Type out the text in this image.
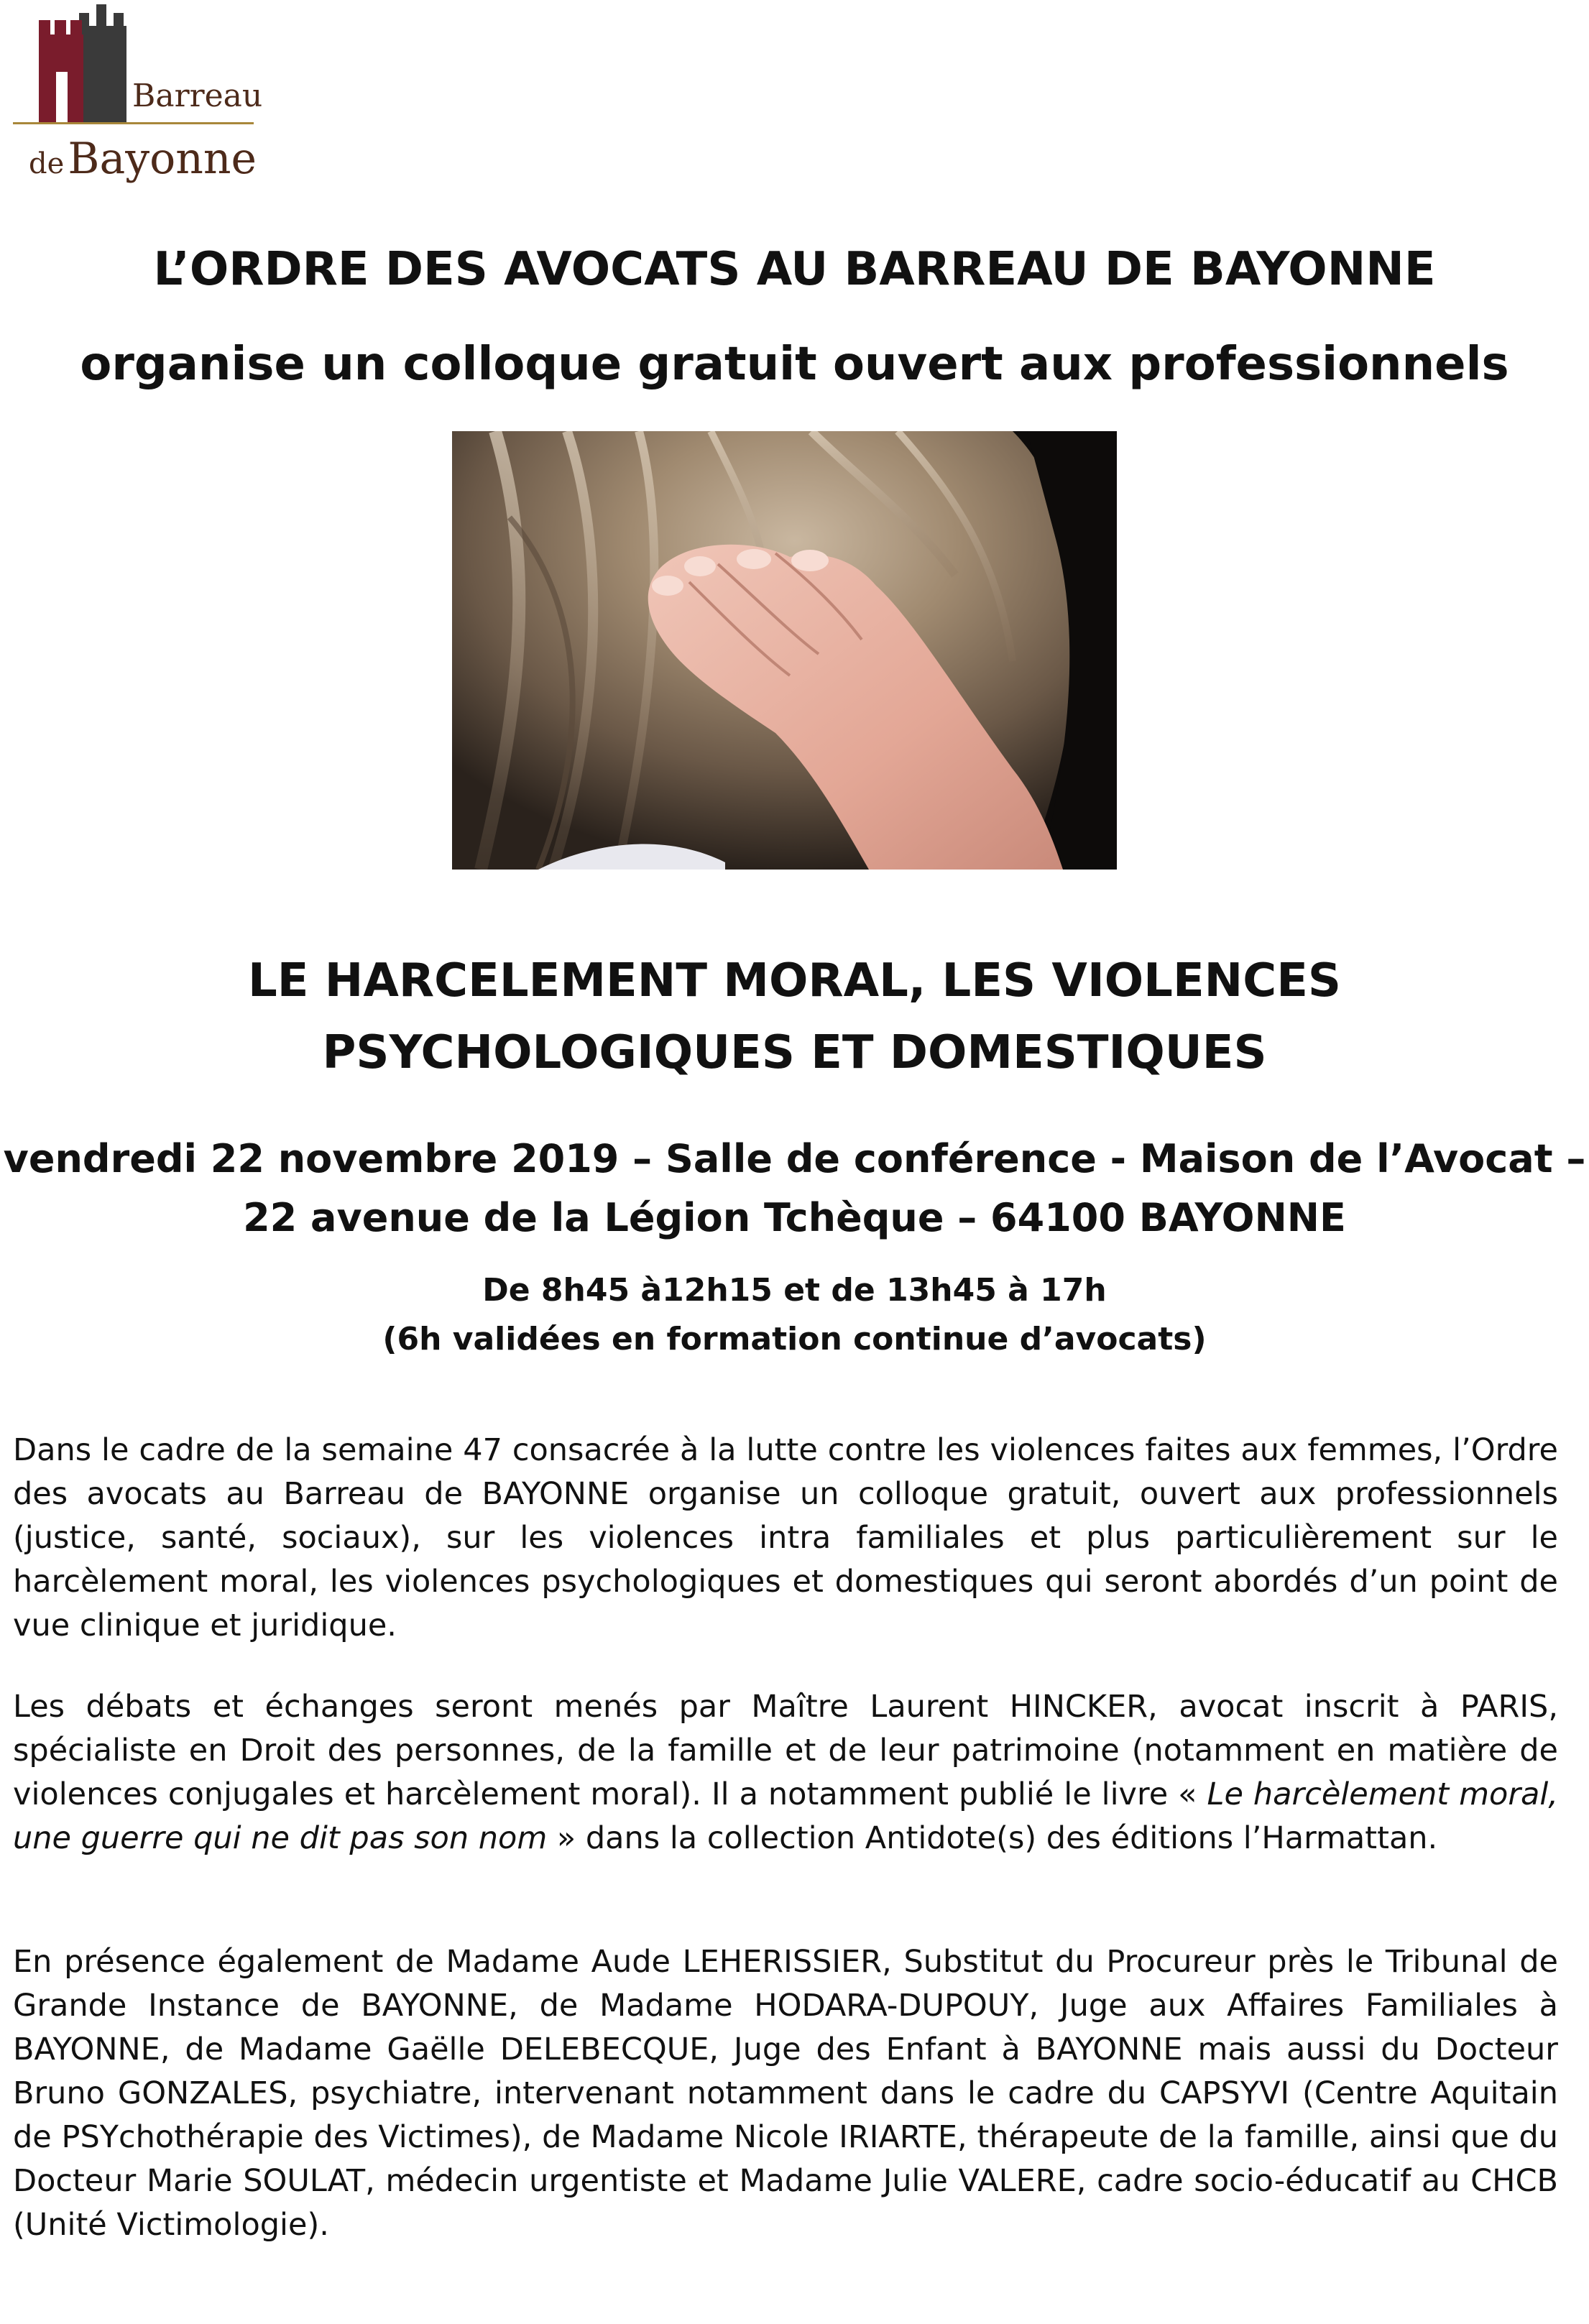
Barreau
de Bayonne
L’ORDRE DES AVOCATS AU BARREAU DE BAYONNE
organise un colloque gratuit ouvert aux professionnels
LE HARCELEMENT MORAL, LES VIOLENCES
PSYCHOLOGIQUES ET DOMESTIQUES
vendredi 22 novembre 2019 – Salle de conférence - Maison de l’Avocat –
22 avenue de la Légion Tchèque – 64100 BAYONNE
De 8h45 à12h15 et de 13h45 à 17h
(6h validées en formation continue d’avocats)

Dans le cadre de la semaine 47 consacrée à la lutte contre les violences faites aux femmes, l’Ordre des avocats au Barreau de BAYONNE organise un colloque gratuit, ouvert aux professionnels (justice, santé, sociaux), sur les violences intra familiales et plus particulièrement sur le harcèlement moral, les violences psychologiques et domestiques qui seront abordés d’un point de vue clinique et juridique.

Les débats et échanges seront menés par Maître Laurent HINCKER, avocat inscrit à PARIS, spécialiste en Droit des personnes, de la famille et de leur patrimoine (notamment en matière de violences conjugales et harcèlement moral). Il a notamment publié le livre « Le harcèlement moral, une guerre qui ne dit pas son nom » dans la collection Antidote(s) des éditions l’Harmattan.

En présence également de Madame Aude LEHERISSIER, Substitut du Procureur près le Tribunal de Grande Instance de BAYONNE, de Madame HODARA-DUPOUY, Juge aux Affaires Familiales à BAYONNE, de Madame Gaëlle DELEBECQUE, Juge des Enfant à BAYONNE mais aussi du Docteur Bruno GONZALES, psychiatre, intervenant notamment dans le cadre du CAPSYVI (Centre Aquitain de PSYchothérapie des Victimes), de Madame Nicole IRIARTE, thérapeute de la famille, ainsi que du Docteur Marie SOULAT, médecin urgentiste et Madame Julie VALERE, cadre socio-éducatif au CHCB (Unité Victimologie).
